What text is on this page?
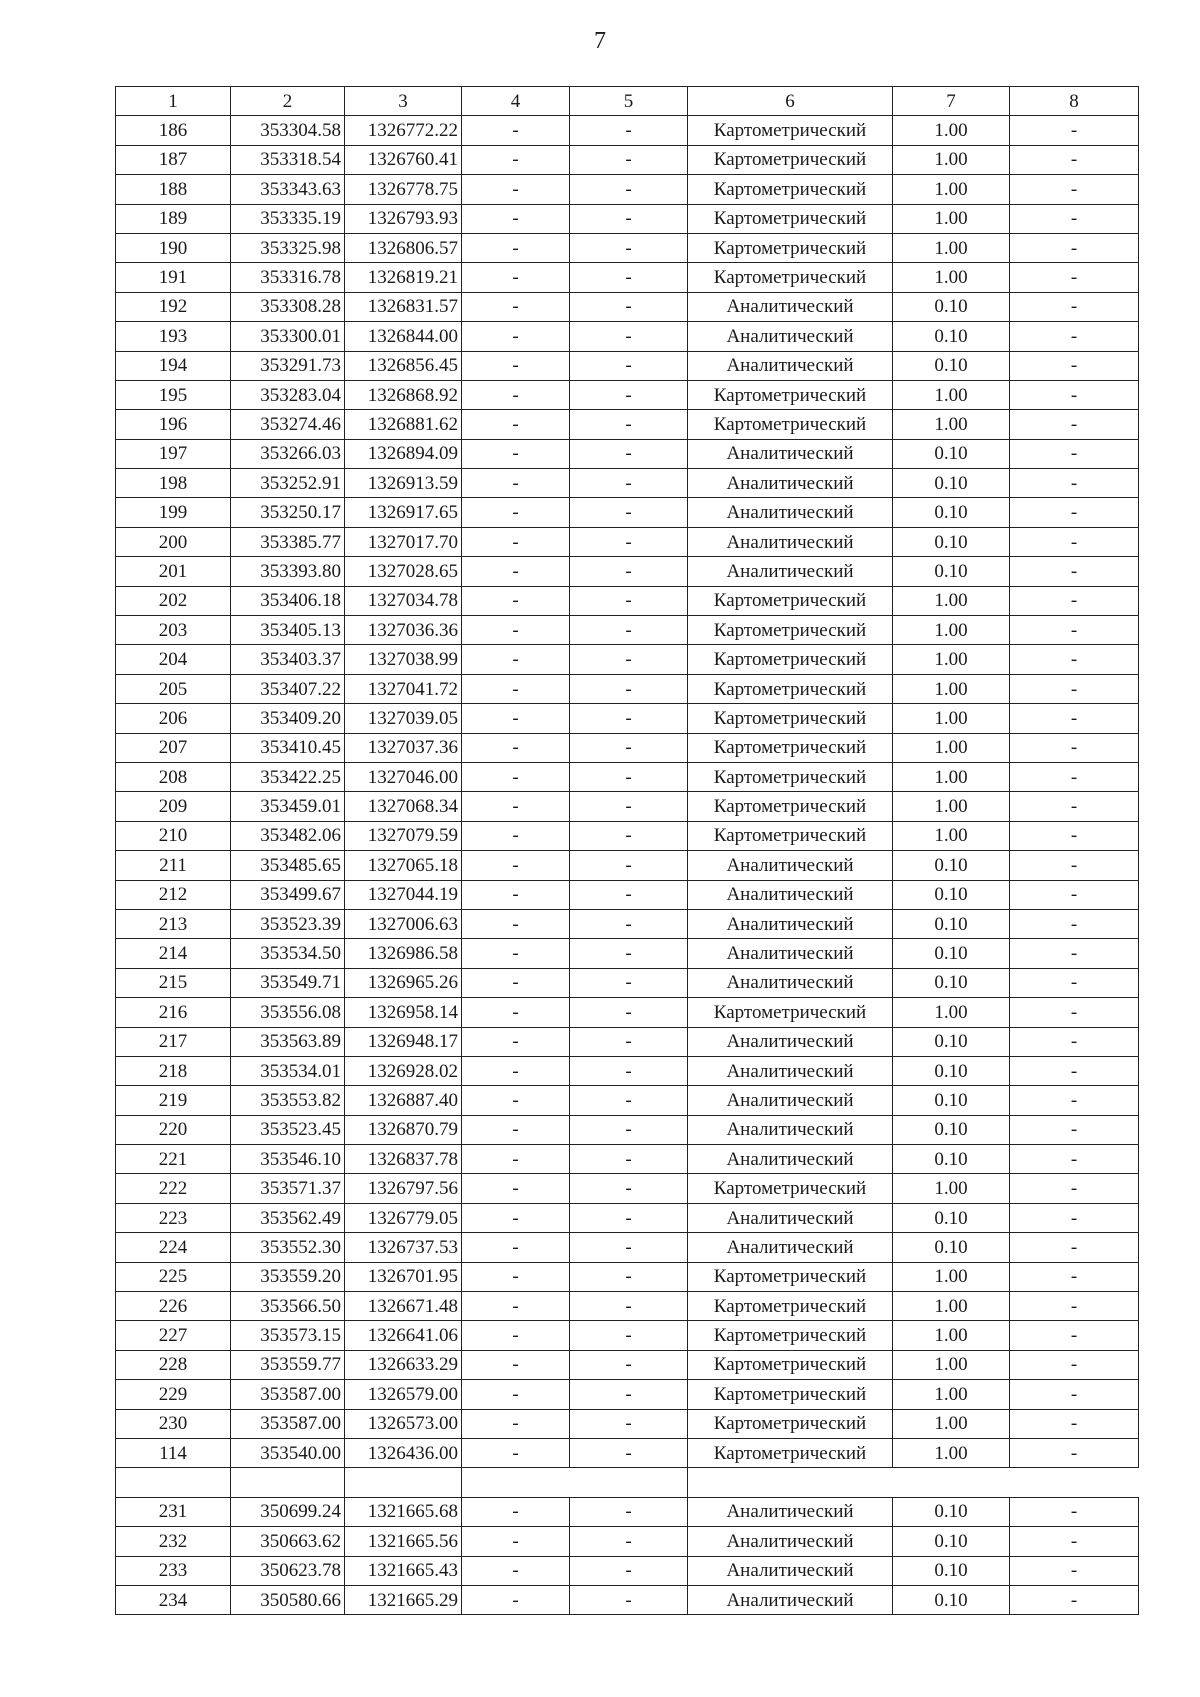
7
1	2	3	4	5	6	7	8
186	353304.58	1326772.22	-	-	Картометрический	1.00	-
187	353318.54	1326760.41	-	-	Картометрический	1.00	-
188	353343.63	1326778.75	-	-	Картометрический	1.00	-
189	353335.19	1326793.93	-	-	Картометрический	1.00	-
190	353325.98	1326806.57	-	-	Картометрический	1.00	-
191	353316.78	1326819.21	-	-	Картометрический	1.00	-
192	353308.28	1326831.57	-	-	Аналитический	0.10	-
193	353300.01	1326844.00	-	-	Аналитический	0.10	-
194	353291.73	1326856.45	-	-	Аналитический	0.10	-
195	353283.04	1326868.92	-	-	Картометрический	1.00	-
196	353274.46	1326881.62	-	-	Картометрический	1.00	-
197	353266.03	1326894.09	-	-	Аналитический	0.10	-
198	353252.91	1326913.59	-	-	Аналитический	0.10	-
199	353250.17	1326917.65	-	-	Аналитический	0.10	-
200	353385.77	1327017.70	-	-	Аналитический	0.10	-
201	353393.80	1327028.65	-	-	Аналитический	0.10	-
202	353406.18	1327034.78	-	-	Картометрический	1.00	-
203	353405.13	1327036.36	-	-	Картометрический	1.00	-
204	353403.37	1327038.99	-	-	Картометрический	1.00	-
205	353407.22	1327041.72	-	-	Картометрический	1.00	-
206	353409.20	1327039.05	-	-	Картометрический	1.00	-
207	353410.45	1327037.36	-	-	Картометрический	1.00	-
208	353422.25	1327046.00	-	-	Картометрический	1.00	-
209	353459.01	1327068.34	-	-	Картометрический	1.00	-
210	353482.06	1327079.59	-	-	Картометрический	1.00	-
211	353485.65	1327065.18	-	-	Аналитический	0.10	-
212	353499.67	1327044.19	-	-	Аналитический	0.10	-
213	353523.39	1327006.63	-	-	Аналитический	0.10	-
214	353534.50	1326986.58	-	-	Аналитический	0.10	-
215	353549.71	1326965.26	-	-	Аналитический	0.10	-
216	353556.08	1326958.14	-	-	Картометрический	1.00	-
217	353563.89	1326948.17	-	-	Аналитический	0.10	-
218	353534.01	1326928.02	-	-	Аналитический	0.10	-
219	353553.82	1326887.40	-	-	Аналитический	0.10	-
220	353523.45	1326870.79	-	-	Аналитический	0.10	-
221	353546.10	1326837.78	-	-	Аналитический	0.10	-
222	353571.37	1326797.56	-	-	Картометрический	1.00	-
223	353562.49	1326779.05	-	-	Аналитический	0.10	-
224	353552.30	1326737.53	-	-	Аналитический	0.10	-
225	353559.20	1326701.95	-	-	Картометрический	1.00	-
226	353566.50	1326671.48	-	-	Картометрический	1.00	-
227	353573.15	1326641.06	-	-	Картометрический	1.00	-
228	353559.77	1326633.29	-	-	Картометрический	1.00	-
229	353587.00	1326579.00	-	-	Картометрический	1.00	-
230	353587.00	1326573.00	-	-	Картометрический	1.00	-
114	353540.00	1326436.00	-	-	Картометрический	1.00	-

231	350699.24	1321665.68	-	-	Аналитический	0.10	-
232	350663.62	1321665.56	-	-	Аналитический	0.10	-
233	350623.78	1321665.43	-	-	Аналитический	0.10	-
234	350580.66	1321665.29	-	-	Аналитический	0.10	-
